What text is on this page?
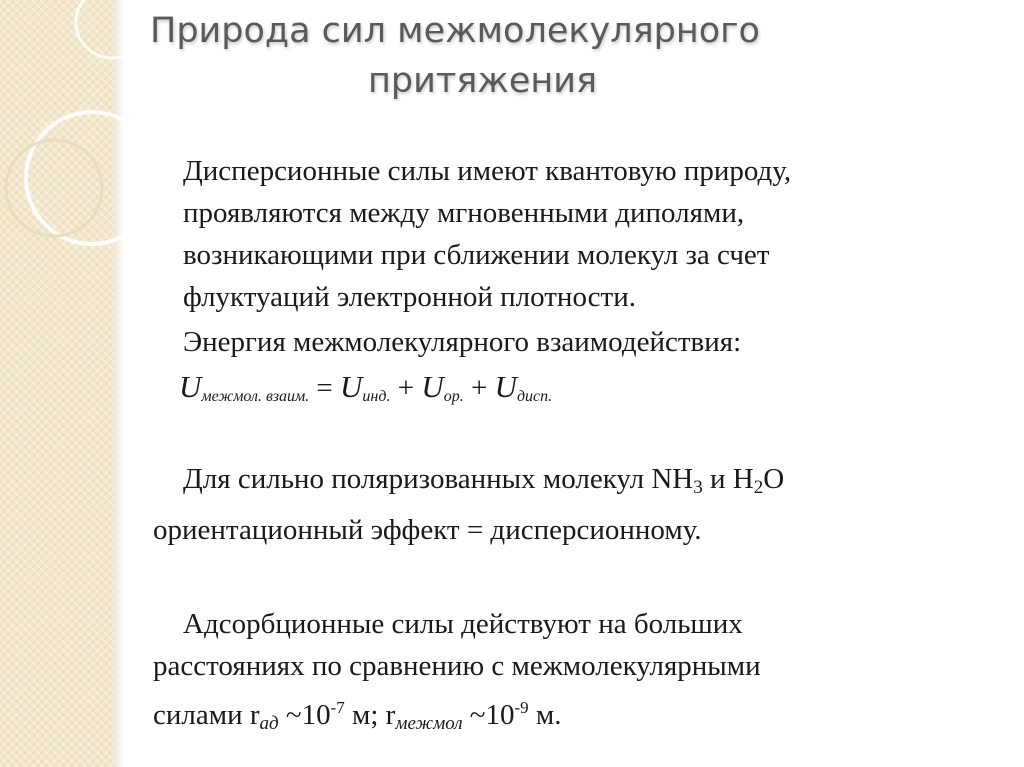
Природа сил межмолекулярного
притяжения

Дисперсионные силы имеют квантовую природу,
проявляются между мгновенными диполями,
возникающими при сближении молекул за счет
флуктуаций электронной плотности.

Энергия межмолекулярного взаимодействия:

$U_{межмол. взаим.} = U_{инд.} + U_{ор.} + U_{дисп.}$

Для сильно поляризованных молекул $NH_3$ и $H_2O$
ориентационный эффект = дисперсионному.

Адсорбционные силы действуют на больших
расстояниях по сравнению с межмолекулярными
силами $r_{ад}$ $\sim 10^{-7}$ м; $r_{межмол}$ $\sim 10^{-9}$ м.
